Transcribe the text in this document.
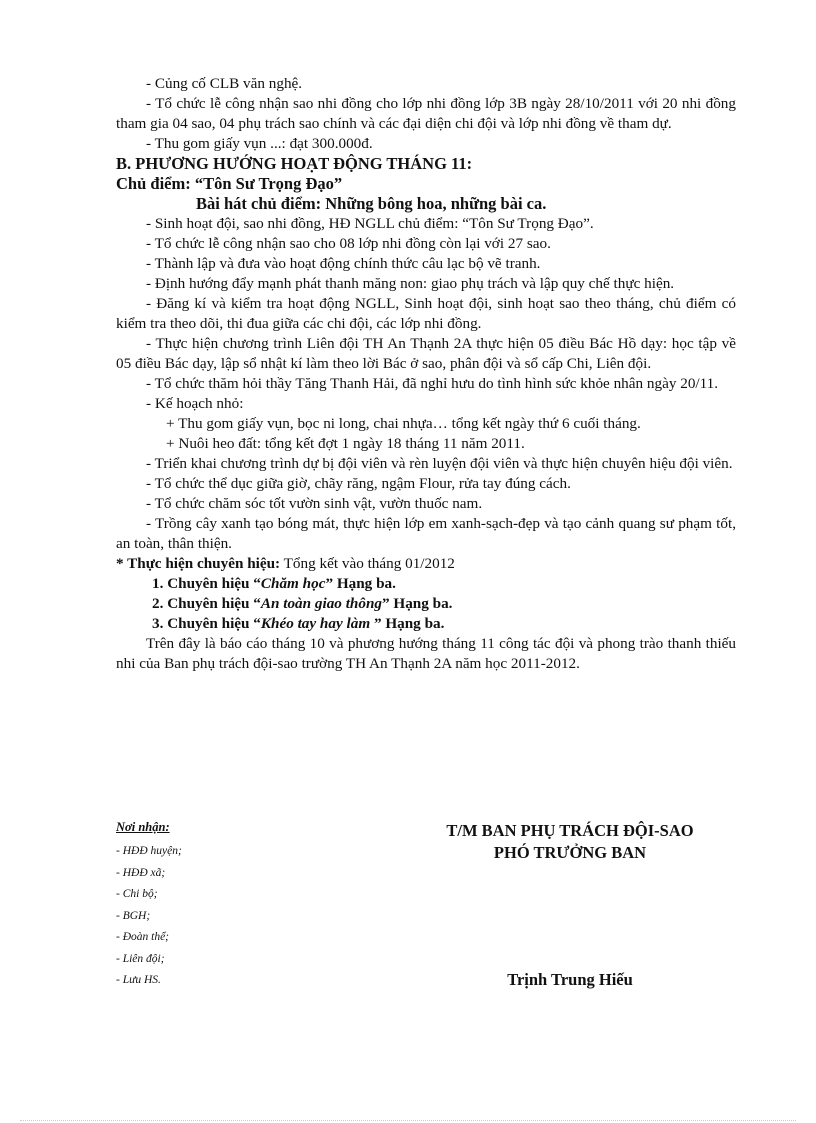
- Củng cố CLB văn nghệ.

- Tổ chức lễ công nhận sao nhi đồng cho lớp nhi đồng lớp 3B ngày 28/10/2011 với 20 nhi đồng tham gia 04 sao, 04 phụ trách sao chính và các đại diện chi đội và lớp nhi đồng về tham dự.

- Thu gom giấy vụn ...: đạt 300.000đ.

B. PHƯƠNG HƯỚNG HOẠT ĐỘNG THÁNG 11:

Chủ điểm: “Tôn Sư Trọng Đạo”

Bài hát chủ điểm: Những bông hoa, những bài ca.

- Sinh hoạt đội, sao nhi đồng, HĐ NGLL chủ điểm: “Tôn Sư Trọng Đạo”.

- Tổ chức lễ công nhận sao cho 08 lớp nhi đồng còn lại với 27 sao.

- Thành lập và đưa vào hoạt động chính thức câu lạc bộ vẽ tranh.

- Định hướng đẩy mạnh phát thanh măng non: giao phụ trách và lập quy chế thực hiện.

- Đăng kí và kiểm tra hoạt động NGLL, Sinh hoạt đội, sinh hoạt sao theo tháng, chủ điểm có kiểm tra theo dõi, thi đua giữa các chi đội, các lớp nhi đồng.

- Thực hiện chương trình Liên đội TH An Thạnh 2A thực hiện 05 điều Bác Hồ dạy: học tập về 05 điều Bác dạy, lập sổ nhật kí làm theo lời Bác ở sao, phân đội và sổ cấp Chi, Liên đội.

- Tổ chức thăm hỏi thầy Tăng Thanh Hải, đã nghỉ hưu do tình hình sức khỏe nhân ngày 20/11.

- Kế hoạch nhỏ:

+ Thu gom giấy vụn, bọc ni long, chai nhựa… tổng kết ngày thứ 6 cuối tháng.

+ Nuôi heo đất: tổng kết đợt 1 ngày 18 tháng 11 năm 2011.

- Triển khai chương trình dự bị đội viên và rèn luyện đội viên và thực hiện chuyên hiệu đội viên.

- Tổ chức thể dục giữa giờ, chãy răng, ngậm Flour, rửa tay đúng cách.

- Tổ chức chăm sóc tốt vườn sinh vật, vườn thuốc nam.

- Trồng cây xanh tạo bóng mát, thực hiện lớp em xanh-sạch-đẹp và tạo cảnh quang sư phạm tốt, an toàn, thân thiện.

* Thực hiện chuyên hiệu: Tổng kết vào tháng 01/2012

1. Chuyên hiệu “Chăm học” Hạng ba.

2. Chuyên hiệu “An toàn giao thông” Hạng ba.

3. Chuyên hiệu “Khéo tay hay làm ” Hạng ba.

Trên đây là báo cáo tháng 10 và phương hướng tháng 11 công tác đội và phong trào thanh thiếu nhi của Ban phụ trách đội-sao trường TH An Thạnh 2A năm học 2011-2012.

Nơi nhận:

- HĐĐ huyện;

- HĐĐ xã;

- Chi bộ;

- BGH;

- Đoàn thể;

- Liên đội;

- Lưu HS.

T/M BAN PHỤ TRÁCH ĐỘI-SAO
PHÓ TRƯỞNG BAN
Trịnh Trung Hiếu
